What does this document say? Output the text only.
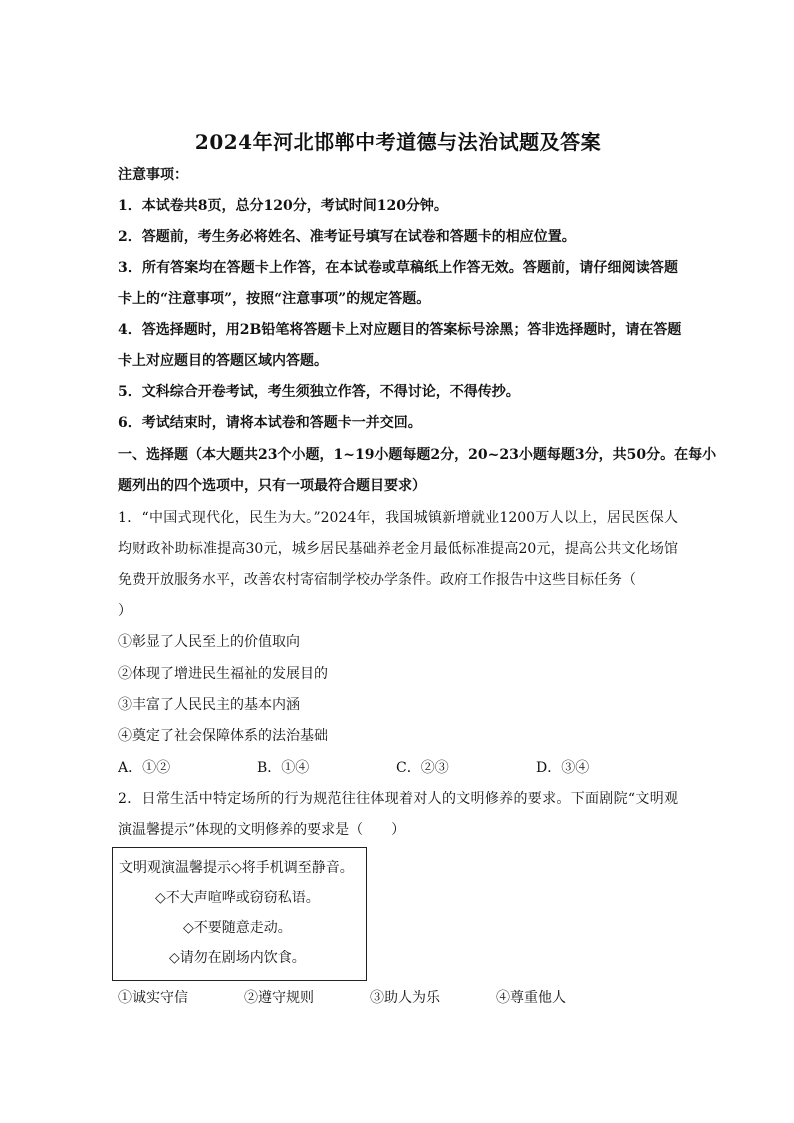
2024年河北邯郸中考道德与法治试题及答案
注意事项：
1．本试卷共8页，总分120分，考试时间120分钟。
2．答题前，考生务必将姓名、准考证号填写在试卷和答题卡的相应位置。
3．所有答案均在答题卡上作答，在本试卷或草稿纸上作答无效。答题前，请仔细阅读答题
卡上的“注意事项”，按照“注意事项”的规定答题。
4．答选择题时，用2B铅笔将答题卡上对应题目的答案标号涂黑；答非选择题时，请在答题
卡上对应题目的答题区域内答题。
5．文科综合开卷考试，考生须独立作答，不得讨论，不得传抄。
6．考试结束时，请将本试卷和答题卡一并交回。
一、选择题（本大题共23个小题，1~19小题每题2分，20~23小题每题3分，共50分。在每小
题列出的四个选项中，只有一项最符合题目要求）
1．“中国式现代化，民生为大。”2024年，我国城镇新增就业1200万人以上，居民医保人
均财政补助标准提高30元，城乡居民基础养老金月最低标准提高20元，提高公共文化场馆
免费开放服务水平，改善农村寄宿制学校办学条件。政府工作报告中这些目标任务（
）
①彰显了人民至上的价值取向
②体现了增进民生福祉的发展目的
③丰富了人民民主的基本内涵
④奠定了社会保障体系的法治基础
A．①②	B．①④	C．②③	D．③④
2．日常生活中特定场所的行为规范往往体现着对人的文明修养的要求。下面剧院“文明观
演温馨提示”体现的文明修养的要求是（　　）
文明观演温馨提示◇将手机调至静音。
◇不大声喧哗或窃窃私语。
◇不要随意走动。
◇请勿在剧场内饮食。
①诚实守信	②遵守规则	③助人为乐	④尊重他人
